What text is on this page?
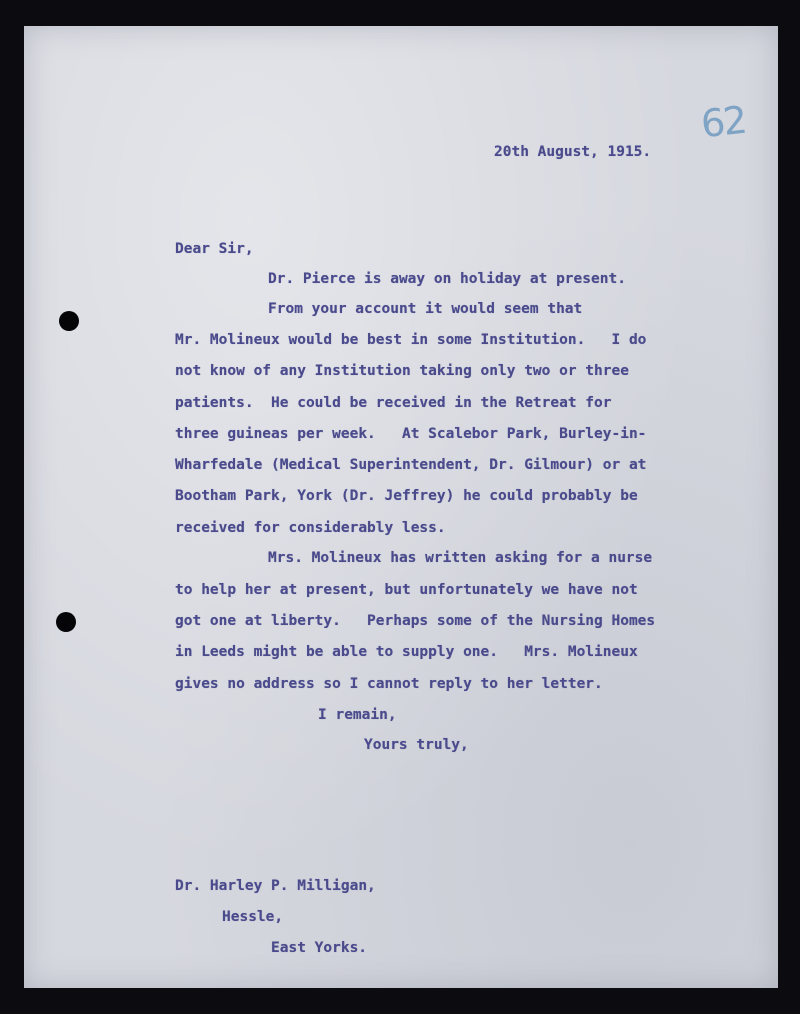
62
20th August, 1915.
Dear Sir,
Dr. Pierce is away on holiday at present.
From your account it would seem that
Mr. Molineux would be best in some Institution.   I do
not know of any Institution taking only two or three
patients.  He could be received in the Retreat for
three guineas per week.   At Scalebor Park, Burley-in-
Wharfedale (Medical Superintendent, Dr. Gilmour) or at
Bootham Park, York (Dr. Jeffrey) he could probably be
received for considerably less.
Mrs. Molineux has written asking for a nurse
to help her at present, but unfortunately we have not
got one at liberty.   Perhaps some of the Nursing Homes
in Leeds might be able to supply one.   Mrs. Molineux
gives no address so I cannot reply to her letter.
I remain,
Yours truly,
Dr. Harley P. Milligan,
Hessle,
East Yorks.
